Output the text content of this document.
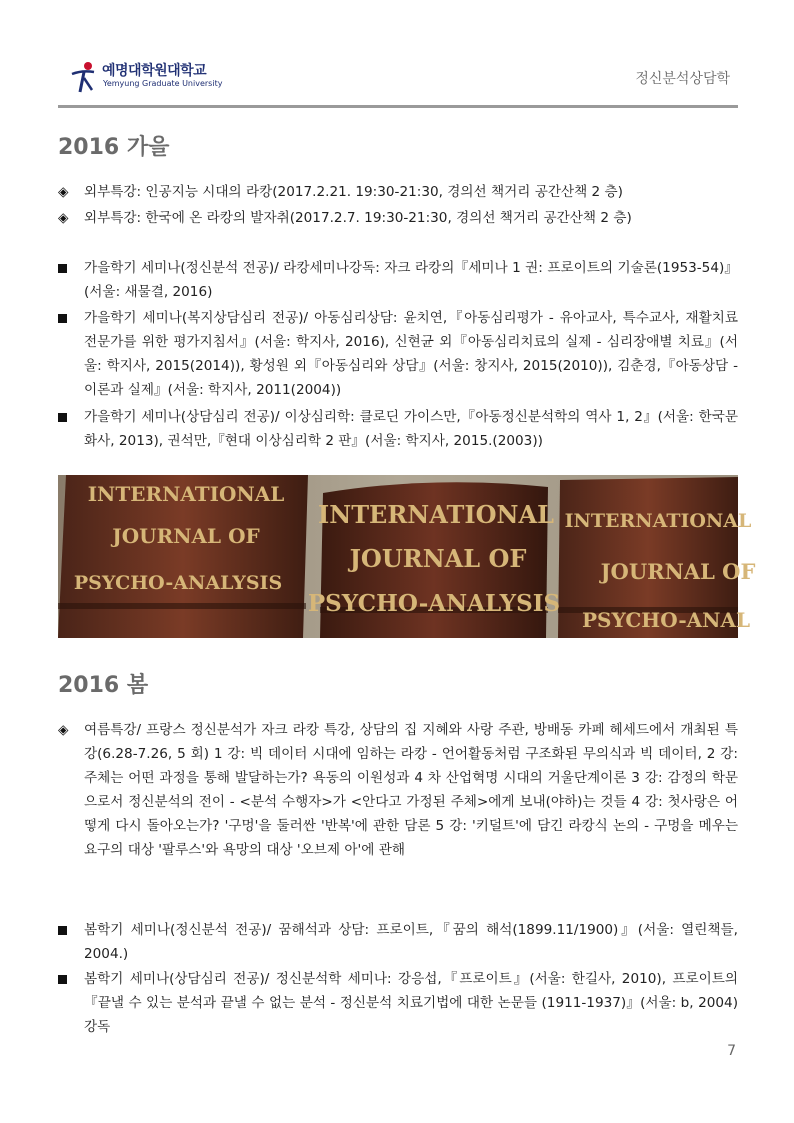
예명대학원대학교
Yemyung Graduate University	정신분석상담학
2016 가을
◈	외부특강: 인공지능 시대의 라캉(2017.2.21. 19:30-21:30, 경의선 책거리 공간산책 2 층)
◈	외부특강: 한국에 온 라캉의 발자취(2017.2.7. 19:30-21:30, 경의선 책거리 공간산책 2 층)
가을학기 세미나(정신분석 전공)/ 라캉세미나강독: 자크 라캉의『세미나 1 권: 프로이트의 기술론(1953-54)』(서울: 새물결, 2016)
가을학기 세미나(복지상담심리 전공)/ 아동심리상담: 윤치연,『아동심리평가 - 유아교사, 특수교사, 재활치료 전문가를 위한 평가지침서』(서울: 학지사, 2016), 신현균 외『아동심리치료의 실제 - 심리장애별 치료』(서울: 학지사, 2015(2014)), 황성원 외『아동심리와 상담』(서울: 창지사, 2015(2010)), 김춘경,『아동상담 - 이론과 실제』(서울: 학지사, 2011(2004))
가을학기 세미나(상담심리 전공)/ 이상심리학: 클로딘 가이스만,『아동정신분석학의 역사 1, 2』(서울: 한국문화사, 2013), 권석만,『현대 이상심리학 2 판』(서울: 학지사, 2015.(2003))
INTERNATIONAL
JOURNAL OF
PSYCHO-ANALYSIS
INTERNATIONAL
JOURNAL OF
PSYCHO-ANALYSIS
INTERNATIONAL
JOURNAL OF
PSYCHO-ANAL
2016 봄
◈	여름특강/ 프랑스 정신분석가 자크 라캉 특강, 상담의 집 지혜와 사랑 주관, 방배동 카페 헤세드에서 개최된 특강(6.28-7.26, 5 회) 1 강: 빅 데이터 시대에 임하는 라캉 - 언어활동처럼 구조화된 무의식과 빅 데이터, 2 강: 주체는 어떤 과정을 통해 발달하는가? 욕동의 이원성과 4 차 산업혁명 시대의 거울단계이론 3 강: 감정의 학문으로서 정신분석의 전이 - <분석 수행자>가 <안다고 가정된 주체>에게 보내(야하)는 것들 4 강: 첫사랑은 어떻게 다시 돌아오는가? '구멍'을 둘러싼 '반복'에 관한 담론 5 강: '키덜트'에 담긴 라캉식 논의 - 구멍을 메우는 요구의 대상 '팔루스'와 욕망의 대상 '오브제 아'에 관해
봄학기 세미나(정신분석 전공)/ 꿈해석과 상담: 프로이트,『꿈의 해석(1899.11/1900)』(서울: 열린책들, 2004.)
봄학기 세미나(상담심리 전공)/ 정신분석학 세미나: 강응섭,『프로이트』(서울: 한길사, 2010), 프로이트의『끝낼 수 있는 분석과 끝낼 수 없는 분석 - 정신분석 치료기법에 대한 논문들 (1911-1937)』(서울: b, 2004) 강독
7
